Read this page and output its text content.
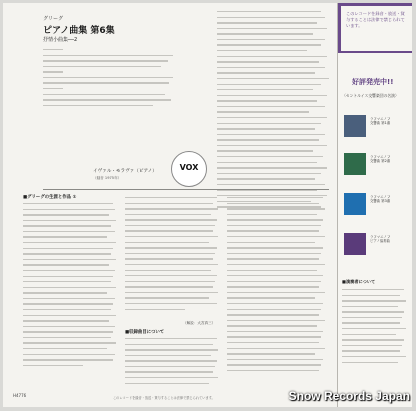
グリーグ
ピアノ曲集 第6集
抒情小曲集──2
イヴァル・モラヴァ（ピアノ）
（録音 1975年）
VOX
■グリーグの生涯と作品 ①
（解説：大宮真三）
■収録曲目について
このレコードを録音・放送・貸与することは法律で禁じられています。
好評発売中!!
〈セントルイス交響楽団の名演〉
ラフマニノフ
交響曲 第1番
ラフマニノフ
交響曲 第2番
ラフマニノフ
交響曲 第3番
ラフマニノフ
ピアノ協奏曲
■演奏者について
H4776	このレコードを録音・放送・貸与することは法律で禁じられています。	Snow Records Japan
